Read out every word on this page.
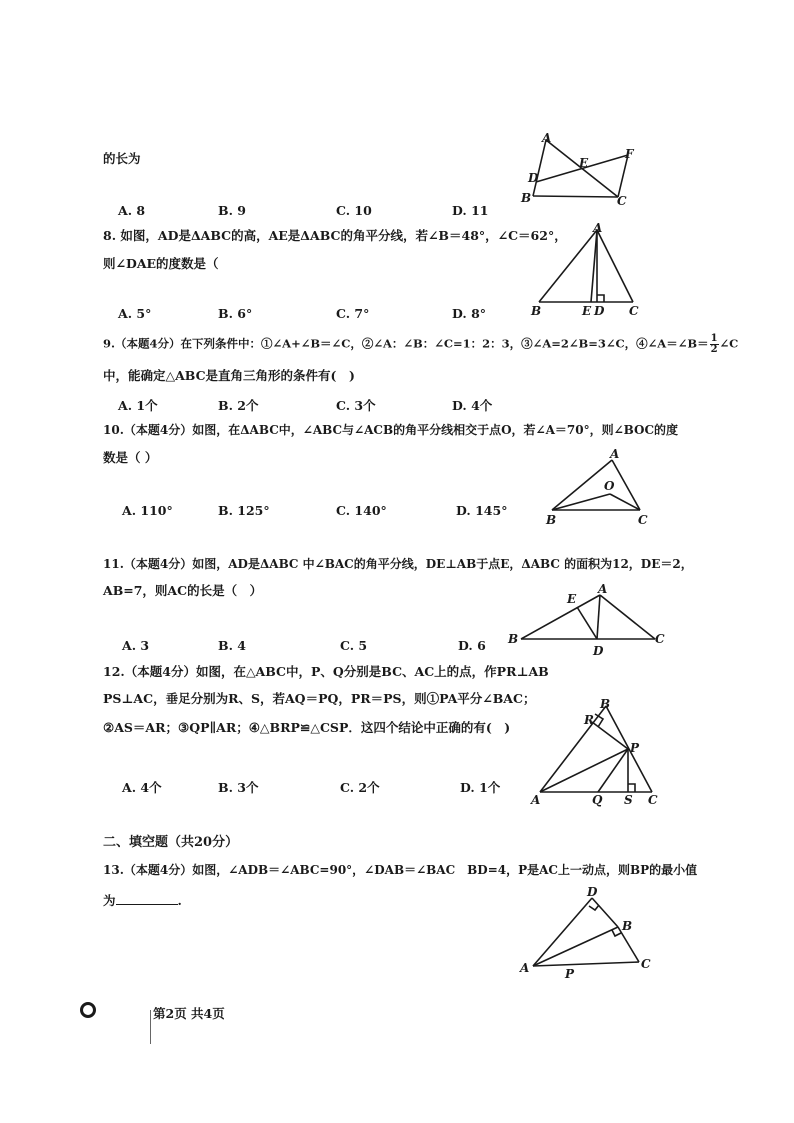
的长为
A. 8	B. 9	C. 10	D. 11
A
E
F
D
B	C
8. 如图，AD是ΔABC的高，AE是ΔABC的角平分线，若∠B＝48°，∠C＝62°，
则∠DAE的度数是（
A. 5°	B. 6°	C. 7°	D. 8°
A
B	E D C
9.（本题4分）在下列条件中：①∠A+∠B＝∠C，②∠A：∠B：∠C=1：2：3，③∠A=2∠B=3∠C，④∠A＝∠B＝ $\frac{1}{2}$ ∠C
中，能确定△ABC是直角三角形的条件有(　)
A. 1个	B. 2个	C. 3个	D. 4个
10.（本题4分）如图，在ΔABC中，∠ABC与∠ACB的角平分线相交于点O，若∠A＝70°，则∠BOC的度
数是（ ）
A. 110°	B. 125°	C. 140°	D. 145°
A
O
B	C
11.（本题4分）如图，AD是ΔABC 中∠BAC的角平分线，DE⊥AB于点E，ΔABC 的面积为12，DE＝2，
AB=7，则AC的长是（　）
A. 3	B. 4	C. 5	D. 6
E
A
B
D
C
12.（本题4分）如图，在△ABC中，P、Q分别是BC、AC上的点，作PR⊥AB
PS⊥AC，垂足分别为R、S，若AQ＝PQ，PR＝PS，则①PA平分∠BAC；
②AS＝AR；③QP∥AR；④△BRP≌△CSP．这四个结论中正确的有(　)
A. 4个	B. 3个	C. 2个	D. 1个
B
R
P
A	Q S C
二、填空题（共20分）
13.（本题4分）如图，∠ADB＝∠ABC=90°，∠DAB＝∠BAC　BD=4，P是AC上一动点，则BP的最小值
为	.
D
B
A	P
C
第2页 共4页
